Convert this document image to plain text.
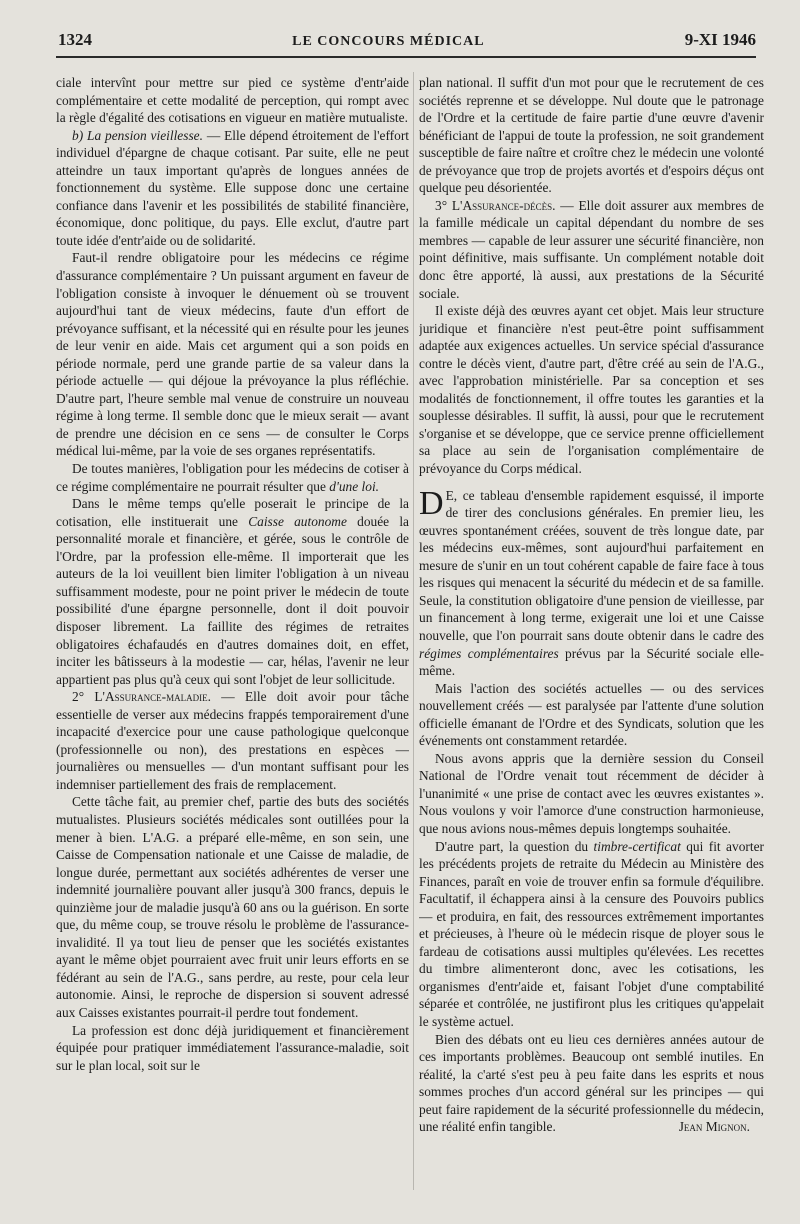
1324	LE CONCOURS MÉDICAL	9-XI 1946

ciale intervînt pour mettre sur pied ce système d'entr'aide complémentaire et cette modalité de perception, qui rompt avec la règle d'égalité des cotisations en vigueur en matière mutualiste.

b) La pension vieillesse. — Elle dépend étroitement de l'effort individuel d'épargne de chaque cotisant. Par suite, elle ne peut atteindre un taux important qu'après de longues années de fonctionnement du système. Elle suppose donc une certaine confiance dans l'avenir et les possibilités de stabilité financière, économique, donc politique, du pays. Elle exclut, d'autre part toute idée d'entr'aide ou de solidarité.

Faut-il rendre obligatoire pour les médecins ce régime d'assurance complémentaire ? Un puissant argument en faveur de l'obligation consiste à invoquer le dénuement où se trouvent aujourd'hui tant de vieux médecins, faute d'un effort de prévoyance suffisant, et la nécessité qui en résulte pour les jeunes de leur venir en aide. Mais cet argument qui a son poids en période normale, perd une grande partie de sa valeur dans la période actuelle — qui déjoue la prévoyance la plus réfléchie. D'autre part, l'heure semble mal venue de construire un nouveau régime à long terme. Il semble donc que le mieux serait — avant de prendre une décision en ce sens — de consulter le Corps médical lui-même, par la voie de ses organes représentatifs.

De toutes manières, l'obligation pour les médecins de cotiser à ce régime complémentaire ne pourrait résulter que d'une loi.

Dans le même temps qu'elle poserait le principe de la cotisation, elle instituerait une Caisse autonome douée la personnalité morale et financière, et gérée, sous le contrôle de l'Ordre, par la profession elle-même. Il importerait que les auteurs de la loi veuillent bien limiter l'obligation à un niveau suffisamment modeste, pour ne point priver le médecin de toute possibilité d'une épargne personnelle, dont il doit pouvoir disposer librement. La faillite des régimes de retraites obligatoires échafaudés en d'autres domaines doit, en effet, inciter les bâtisseurs à la modestie — car, hélas, l'avenir ne leur appartient pas plus qu'à ceux qui sont l'objet de leur sollicitude.

2° L'Assurance-maladie. — Elle doit avoir pour tâche essentielle de verser aux médecins frappés temporairement d'une incapacité d'exercice pour une cause pathologique quelconque (professionnelle ou non), des prestations en espèces — journalières ou mensuelles — d'un montant suffisant pour les indemniser partiellement des frais de remplacement.

Cette tâche fait, au premier chef, partie des buts des sociétés mutualistes. Plusieurs sociétés médicales sont outillées pour la mener à bien. L'A.G. a préparé elle-même, en son sein, une Caisse de Compensation nationale et une Caisse de maladie, de longue durée, permettant aux sociétés adhérentes de verser une indemnité journalière pouvant aller jusqu'à 300 francs, depuis le quinzième jour de maladie jusqu'à 60 ans ou la guérison. En sorte que, du même coup, se trouve résolu le problème de l'assurance-invalidité. Il ya tout lieu de penser que les sociétés existantes ayant le même objet pourraient avec fruit unir leurs efforts en se fédérant au sein de l'A.G., sans perdre, au reste, pour cela leur autonomie. Ainsi, le reproche de dispersion si souvent adressé aux Caisses existantes pourrait-il perdre tout fondement.

La profession est donc déjà juridiquement et financièrement équipée pour pratiquer immédiatement l'assurance-maladie, soit sur le plan local, soit sur le

plan national. Il suffit d'un mot pour que le recrutement de ces sociétés reprenne et se développe. Nul doute que le patronage de l'Ordre et la certitude de faire partie d'une œuvre d'avenir bénéficiant de l'appui de toute la profession, ne soit grandement susceptible de faire naître et croître chez le médecin une volonté de prévoyance que trop de projets avortés et d'espoirs déçus ont quelque peu désorientée.

3° L'Assurance-décès. — Elle doit assurer aux membres de la famille médicale un capital dépendant du nombre de ses membres — capable de leur assurer une sécurité financière, non point définitive, mais suffisante. Un complément notable doit donc être apporté, là aussi, aux prestations de la Sécurité sociale.

Il existe déjà des œuvres ayant cet objet. Mais leur structure juridique et financière n'est peut-être point suffisamment adaptée aux exigences actuelles. Un service spécial d'assurance contre le décès vient, d'autre part, d'être créé au sein de l'A.G., avec l'approbation ministérielle. Par sa conception et ses modalités de fonctionnement, il offre toutes les garanties et la souplesse désirables. Il suffit, là aussi, pour que le recrutement s'organise et se développe, que ce service prenne officiellement sa place au sein de l'organisation complémentaire de prévoyance du Corps médical.

D E, ce tableau d'ensemble rapidement esquissé, il importe de tirer des conclusions générales. En premier lieu, les œuvres spontanément créées, souvent de très longue date, par les médecins eux-mêmes, sont aujourd'hui parfaitement en mesure de s'unir en un tout cohérent capable de faire face à tous les risques qui menacent la sécurité du médecin et de sa famille. Seule, la constitution obligatoire d'une pension de vieillesse, par un financement à long terme, exigerait une loi et une Caisse nouvelle, que l'on pourrait sans doute obtenir dans le cadre des régimes complémentaires prévus par la Sécurité sociale elle-même.

Mais l'action des sociétés actuelles — ou des services nouvellement créés — est paralysée par l'attente d'une solution officielle émanant de l'Ordre et des Syndicats, solution que les événements ont constamment retardée.

Nous avons appris que la dernière session du Conseil National de l'Ordre venait tout récemment de décider à l'unanimité « une prise de contact avec les œuvres existantes ». Nous voulons y voir l'amorce d'une construction harmonieuse, que nous avions nous-mêmes depuis longtemps souhaitée.

D'autre part, la question du timbre-certificat qui fit avorter les précédents projets de retraite du Médecin au Ministère des Finances, paraît en voie de trouver enfin sa formule d'équilibre. Facultatif, il échappera ainsi à la censure des Pouvoirs publics — et produira, en fait, des ressources extrêmement importantes et précieuses, à l'heure où le médecin risque de ployer sous le fardeau de cotisations aussi multiples qu'élevées. Les recettes du timbre alimenteront donc, avec les cotisations, les organismes d'entr'aide et, faisant l'objet d'une comptabilité séparée et contrôlée, ne justifiront plus les critiques qu'appelait le système actuel.

Bien des débats ont eu lieu ces dernières années autour de ces importants problèmes. Beaucoup ont semblé inutiles. En réalité, la c'arté s'est peu à peu faite dans les esprits et nous sommes proches d'un accord général sur les principes — qui peut faire rapidement de la sécurité professionnelle du médecin, une réalité enfin tangible.	Jean Mignon.
